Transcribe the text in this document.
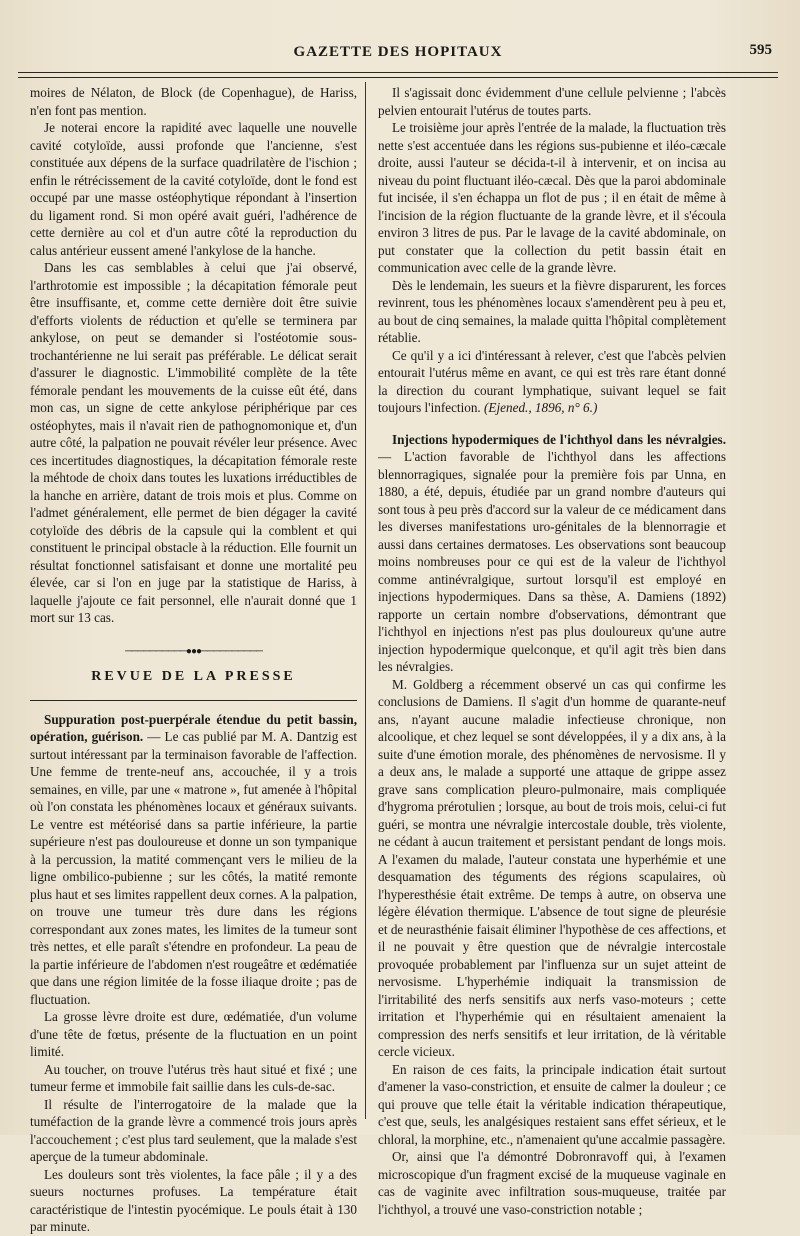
GAZETTE DES HOPITAUX	595

moires de Nélaton, de Block (de Copenhague), de Hariss, n'en font pas mention.

Je noterai encore la rapidité avec laquelle une nouvelle cavité cotyloïde, aussi profonde que l'ancienne, s'est constituée aux dépens de la surface quadrilatère de l'ischion ; enfin le rétrécissement de la cavité cotyloïde, dont le fond est occupé par une masse ostéophytique répondant à l'insertion du ligament rond. Si mon opéré avait guéri, l'adhérence de cette dernière au col et d'un autre côté la reproduction du calus antérieur eussent amené l'ankylose de la hanche.

Dans les cas semblables à celui que j'ai observé, l'arthrotomie est impossible ; la décapitation fémorale peut être insuffisante, et, comme cette dernière doit être suivie d'efforts violents de réduction et qu'elle se terminera par ankylose, on peut se demander si l'ostéotomie sous-trochantérienne ne lui serait pas préférable. Le délicat serait d'assurer le diagnostic. L'immobilité complète de la tête fémorale pendant les mouvements de la cuisse eût été, dans mon cas, un signe de cette ankylose périphérique par ces ostéophytes, mais il n'avait rien de pathognomonique et, d'un autre côté, la palpation ne pouvait révéler leur présence. Avec ces incertitudes diagnostiques, la décapitation fémorale reste la méhtode de choix dans toutes les luxations irréductibles de la hanche en arrière, datant de trois mois et plus. Comme on l'admet généralement, elle permet de bien dégager la cavité cotyloïde des débris de la capsule qui la comblent et qui constituent le principal obstacle à la réduction. Elle fournit un résultat fonctionnel satisfaisant et donne une mortalité peu élevée, car si l'on en juge par la statistique de Hariss, à laquelle j'ajoute ce fait personnel, elle n'aurait donné que 1 mort sur 13 cas.

──────────●●●──────────
REVUE DE LA PRESSE

Suppuration post-puerpérale étendue du petit bassin, opération, guérison. — Le cas publié par M. A. Dantzig est surtout intéressant par la terminaison favorable de l'affection. Une femme de trente-neuf ans, accouchée, il y a trois semaines, en ville, par une « matrone », fut amenée à l'hôpital où l'on constata les phénomènes locaux et généraux suivants. Le ventre est météorisé dans sa partie inférieure, la partie supérieure n'est pas douloureuse et donne un son tympanique à la percussion, la matité commençant vers le milieu de la ligne ombilico-pubienne ; sur les côtés, la matité remonte plus haut et ses limites rappellent deux cornes. A la palpation, on trouve une tumeur très dure dans les régions correspondant aux zones mates, les limites de la tumeur sont très nettes, et elle paraît s'étendre en profondeur. La peau de la partie inférieure de l'abdomen n'est rougeâtre et œdématiée que dans une région limitée de la fosse iliaque droite ; pas de fluctuation.

La grosse lèvre droite est dure, œdématiée, d'un volume d'une tête de fœtus, présente de la fluctuation en un point limité.

Au toucher, on trouve l'utérus très haut situé et fixé ; une tumeur ferme et immobile fait saillie dans les culs-de-sac.

Il résulte de l'interrogatoire de la malade que la tuméfaction de la grande lèvre a commencé trois jours après l'accouchement ; c'est plus tard seulement, que la malade s'est aperçue de la tumeur abdominale.

Les douleurs sont très violentes, la face pâle ; il y a des sueurs nocturnes profuses. La température était caractéristique de l'intestin pyocémique. Le pouls était à 130 par minute.

Il s'agissait donc évidemment d'une cellule pelvienne ; l'abcès pelvien entourait l'utérus de toutes parts.

Le troisième jour après l'entrée de la malade, la fluctuation très nette s'est accentuée dans les régions sus-pubienne et iléo-cæcale droite, aussi l'auteur se décida-t-il à intervenir, et on incisa au niveau du point fluctuant iléo-cæcal. Dès que la paroi abdominale fut incisée, il s'en échappa un flot de pus ; il en était de même à l'incision de la région fluctuante de la grande lèvre, et il s'écoula environ 3 litres de pus. Par le lavage de la cavité abdominale, on put constater que la collection du petit bassin était en communication avec celle de la grande lèvre.

Dès le lendemain, les sueurs et la fièvre disparurent, les forces revinrent, tous les phénomènes locaux s'amendèrent peu à peu et, au bout de cinq semaines, la malade quitta l'hôpital complètement rétablie.

Ce qu'il y a ici d'intéressant à relever, c'est que l'abcès pelvien entourait l'utérus même en avant, ce qui est très rare étant donné la direction du courant lymphatique, suivant lequel se fait toujours l'infection. (Ejened., 1896, n° 6.)

Injections hypodermiques de l'ichthyol dans les névralgies. — L'action favorable de l'ichthyol dans les affections blennorragiques, signalée pour la première fois par Unna, en 1880, a été, depuis, étudiée par un grand nombre d'auteurs qui sont tous à peu près d'accord sur la valeur de ce médicament dans les diverses manifestations uro-génitales de la blennorragie et aussi dans certaines dermatoses. Les observations sont beaucoup moins nombreuses pour ce qui est de la valeur de l'ichthyol comme antinévralgique, surtout lorsqu'il est employé en injections hypodermiques. Dans sa thèse, A. Damiens (1892) rapporte un certain nombre d'observations, démontrant que l'ichthyol en injections n'est pas plus douloureux qu'une autre injection hypodermique quelconque, et qu'il agit très bien dans les névralgies.

M. Goldberg a récemment observé un cas qui confirme les conclusions de Damiens. Il s'agit d'un homme de quarante-neuf ans, n'ayant aucune maladie infectieuse chronique, non alcoolique, et chez lequel se sont développées, il y a dix ans, à la suite d'une émotion morale, des phénomènes de nervosisme. Il y a deux ans, le malade a supporté une attaque de grippe assez grave sans complication pleuro-pulmonaire, mais compliquée d'hygroma prérotulien ; lorsque, au bout de trois mois, celui-ci fut guéri, se montra une névralgie intercostale double, très violente, ne cédant à aucun traitement et persistant pendant de longs mois. A l'examen du malade, l'auteur constata une hyperhémie et une desquamation des téguments des régions scapulaires, où l'hyperesthésie était extrême. De temps à autre, on observa une légère élévation thermique. L'absence de tout signe de pleurésie et de neurasthénie faisait éliminer l'hypothèse de ces affections, et il ne pouvait y être question que de névralgie intercostale provoquée probablement par l'influenza sur un sujet atteint de nervosisme. L'hyperhémie indiquait la transmission de l'irritabilité des nerfs sensitifs aux nerfs vaso-moteurs ; cette irritation et l'hyperhémie qui en résultaient amenaient la compression des nerfs sensitifs et leur irritation, de là véritable cercle vicieux.

En raison de ces faits, la principale indication était surtout d'amener la vaso-constriction, et ensuite de calmer la douleur ; ce qui prouve que telle était la véritable indication thérapeutique, c'est que, seuls, les analgésiques restaient sans effet sérieux, et le chloral, la morphine, etc., n'amenaient qu'une accalmie passagère.

Or, ainsi que l'a démontré Dobronravoff qui, à l'examen microscopique d'un fragment excisé de la muqueuse vaginale en cas de vaginite avec infiltration sous-muqueuse, traitée par l'ichthyol, a trouvé une vaso-constriction notable ;
